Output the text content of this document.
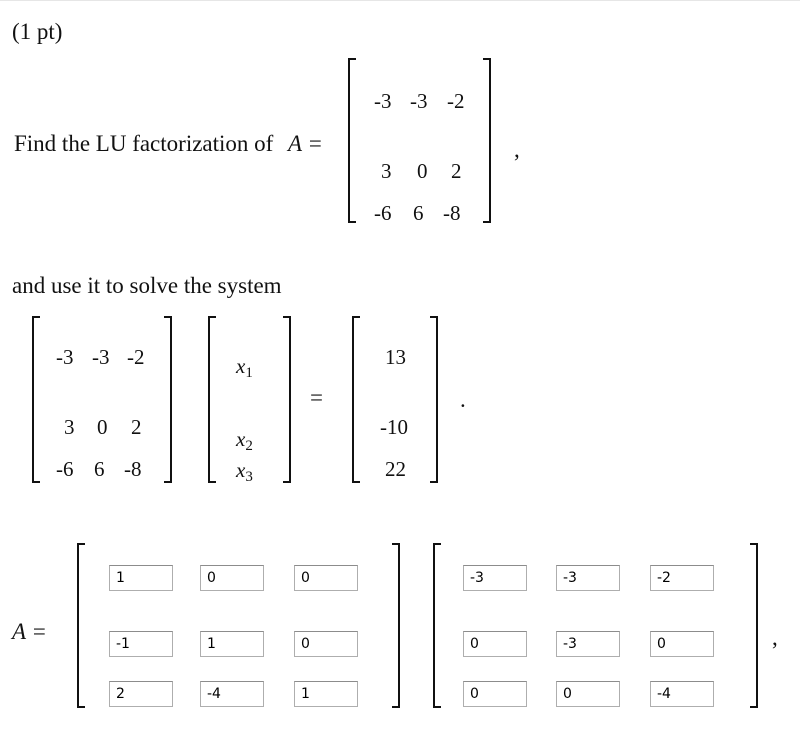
(1 pt)
Find the LU factorization of A =
-3 -3 -2
3 0 2
-6 6 -8
,
and use it to solve the system
-3 -3 -2
3 0 2
-6 6 -8
$x_1$
$x_2$
$x_3$
=
13
-10
22
.
A =
1
0
0
-1
1
0
2
-4
1
-3
-3
-2
0
-3
0
0
0
-4	,
